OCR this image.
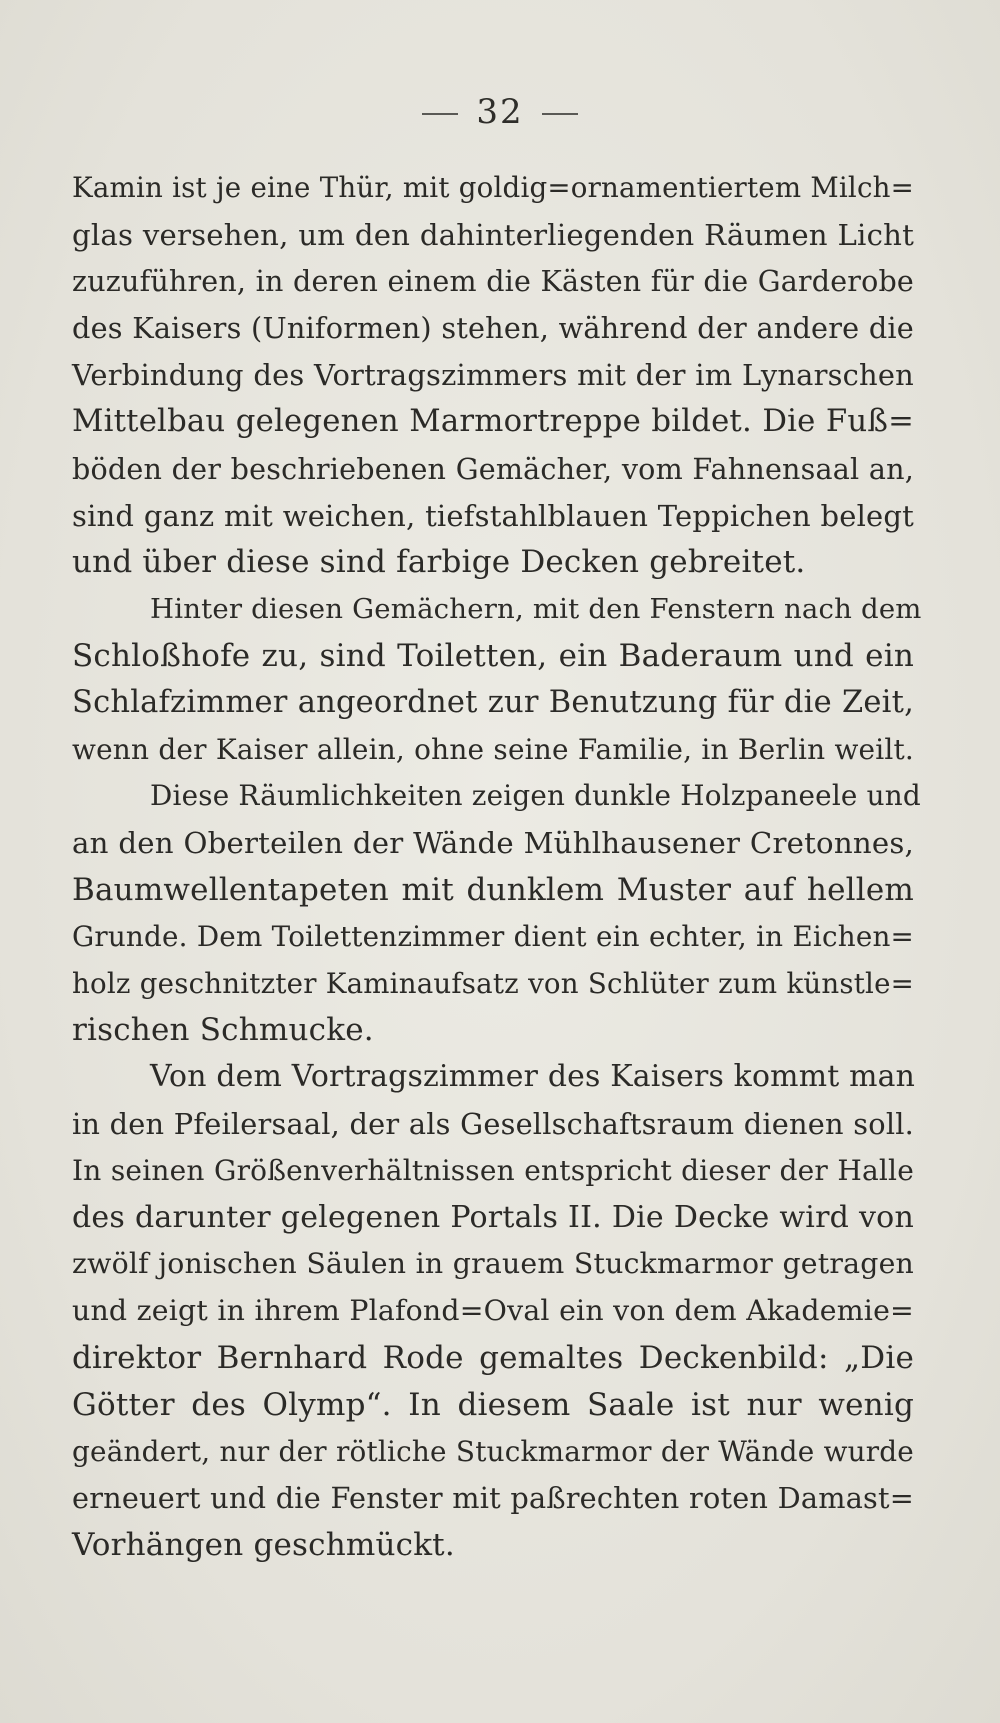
32
Kamin ist je eine Thür, mit goldig=ornamentiertem Milch=
glas versehen, um den dahinterliegenden Räumen Licht
zuzuführen, in deren einem die Kästen für die Garderobe
des Kaisers (Uniformen) stehen, während der andere die
Verbindung des Vortragszimmers mit der im Lynarschen
Mittelbau gelegenen Marmortreppe bildet. Die Fuß=
böden der beschriebenen Gemächer, vom Fahnensaal an,
sind ganz mit weichen, tiefstahlblauen Teppichen belegt
und über diese sind farbige Decken gebreitet.
Hinter diesen Gemächern, mit den Fenstern nach dem
Schloßhofe zu, sind Toiletten, ein Baderaum und ein
Schlafzimmer angeordnet zur Benutzung für die Zeit,
wenn der Kaiser allein, ohne seine Familie, in Berlin weilt.
Diese Räumlichkeiten zeigen dunkle Holzpaneele und
an den Oberteilen der Wände Mühlhausener Cretonnes,
Baumwellentapeten mit dunklem Muster auf hellem
Grunde. Dem Toilettenzimmer dient ein echter, in Eichen=
holz geschnitzter Kaminaufsatz von Schlüter zum künstle=
rischen Schmucke.
Von dem Vortragszimmer des Kaisers kommt man
in den Pfeilersaal, der als Gesellschaftsraum dienen soll.
In seinen Größenverhältnissen entspricht dieser der Halle
des darunter gelegenen Portals II. Die Decke wird von
zwölf jonischen Säulen in grauem Stuckmarmor getragen
und zeigt in ihrem Plafond=Oval ein von dem Akademie=
direktor Bernhard Rode gemaltes Deckenbild: „Die
Götter des Olymp“. In diesem Saale ist nur wenig
geändert, nur der rötliche Stuckmarmor der Wände wurde
erneuert und die Fenster mit paßrechten roten Damast=
Vorhängen geschmückt.
